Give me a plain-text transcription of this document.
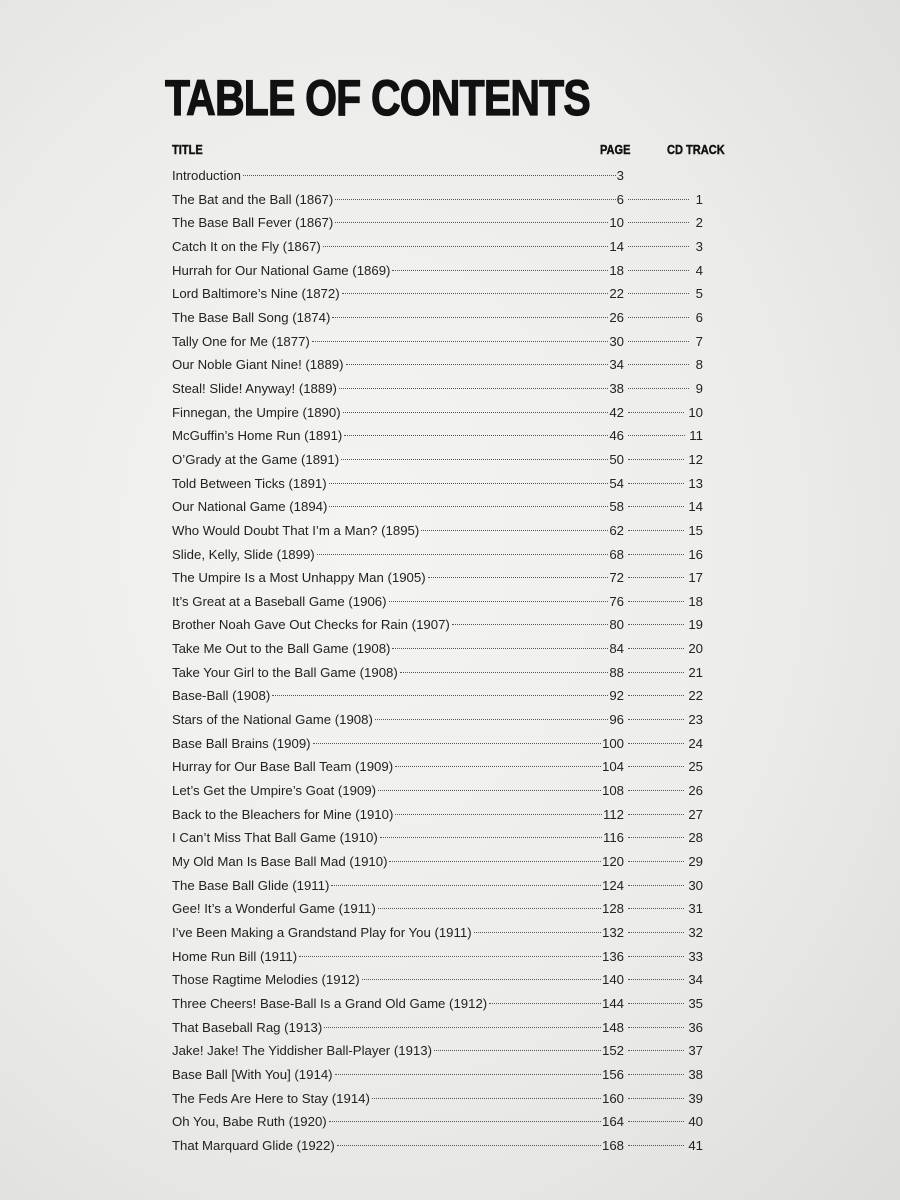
TABLE OF CONTENTS
TITLE	PAGE	CD TRACK
Introduction	3
The Bat and the Ball (1867)	6	1
The Base Ball Fever (1867)	10	2
Catch It on the Fly (1867)	14	3
Hurrah for Our National Game (1869)	18	4
Lord Baltimore’s Nine (1872)	22	5
The Base Ball Song (1874)	26	6
Tally One for Me (1877)	30	7
Our Noble Giant Nine! (1889)	34	8
Steal! Slide! Anyway! (1889)	38	9
Finnegan, the Umpire (1890)	42	10
McGuffin’s Home Run (1891)	46	11
O’Grady at the Game (1891)	50	12
Told Between Ticks (1891)	54	13
Our National Game (1894)	58	14
Who Would Doubt That I’m a Man? (1895)	62	15
Slide, Kelly, Slide (1899)	68	16
The Umpire Is a Most Unhappy Man (1905)	72	17
It’s Great at a Baseball Game (1906)	76	18
Brother Noah Gave Out Checks for Rain (1907)	80	19
Take Me Out to the Ball Game (1908)	84	20
Take Your Girl to the Ball Game (1908)	88	21
Base-Ball (1908)	92	22
Stars of the National Game (1908)	96	23
Base Ball Brains (1909)	100	24
Hurray for Our Base Ball Team (1909)	104	25
Let’s Get the Umpire’s Goat (1909)	108	26
Back to the Bleachers for Mine (1910)	112	27
I Can’t Miss That Ball Game (1910)	116	28
My Old Man Is Base Ball Mad (1910)	120	29
The Base Ball Glide (1911)	124	30
Gee! It’s a Wonderful Game (1911)	128	31
I’ve Been Making a Grandstand Play for You (1911)	132	32
Home Run Bill (1911)	136	33
Those Ragtime Melodies (1912)	140	34
Three Cheers! Base-Ball Is a Grand Old Game (1912)	144	35
That Baseball Rag (1913)	148	36
Jake! Jake! The Yiddisher Ball-Player (1913)	152	37
Base Ball [With You] (1914)	156	38
The Feds Are Here to Stay (1914)	160	39
Oh You, Babe Ruth (1920)	164	40
That Marquard Glide (1922)	168	41
